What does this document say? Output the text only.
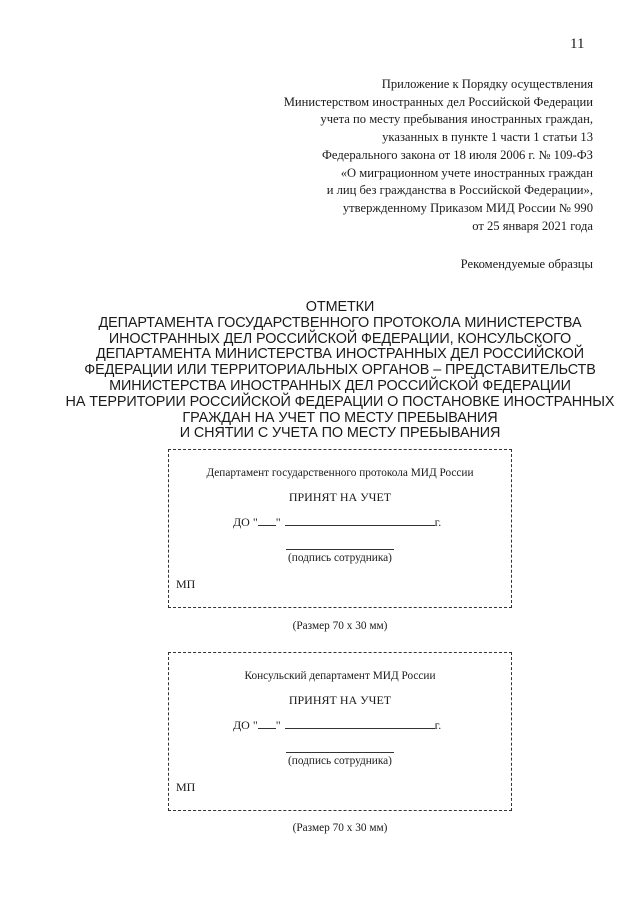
11
Приложение к Порядку осуществления
Министерством иностранных дел Российской Федерации
учета по месту пребывания иностранных граждан,
указанных в пункте 1 части 1 статьи 13
Федерального закона от 18 июля 2006 г. № 109-ФЗ
«О миграционном учете иностранных граждан
и лиц без гражданства в Российской Федерации»,
утвержденному Приказом МИД России № 990
от 25 января 2021 года
Рекомендуемые образцы
ОТМЕТКИ
ДЕПАРТАМЕНТА ГОСУДАРСТВЕННОГО ПРОТОКОЛА МИНИСТЕРСТВА
ИНОСТРАННЫХ ДЕЛ РОССИЙСКОЙ ФЕДЕРАЦИИ, КОНСУЛЬСКОГО
ДЕПАРТАМЕНТА МИНИСТЕРСТВА ИНОСТРАННЫХ ДЕЛ РОССИЙСКОЙ
ФЕДЕРАЦИИ ИЛИ ТЕРРИТОРИАЛЬНЫХ ОРГАНОВ – ПРЕДСТАВИТЕЛЬСТВ
МИНИСТЕРСТВА ИНОСТРАННЫХ ДЕЛ РОССИЙСКОЙ ФЕДЕРАЦИИ
НА ТЕРРИТОРИИ РОССИЙСКОЙ ФЕДЕРАЦИИ О ПОСТАНОВКЕ ИНОСТРАННЫХ
ГРАЖДАН НА УЧЕТ ПО МЕСТУ ПРЕБЫВАНИЯ
И СНЯТИИ С УЧЕТА ПО МЕСТУ ПРЕБЫВАНИЯ
Департамент государственного протокола МИД России
ПРИНЯТ НА УЧЕТ
ДО " "	г.
(подпись сотрудника)
МП
(Размер 70 х 30 мм)
Консульский департамент МИД России
ПРИНЯТ НА УЧЕТ
ДО " "	г.
(подпись сотрудника)
МП
(Размер 70 х 30 мм)
